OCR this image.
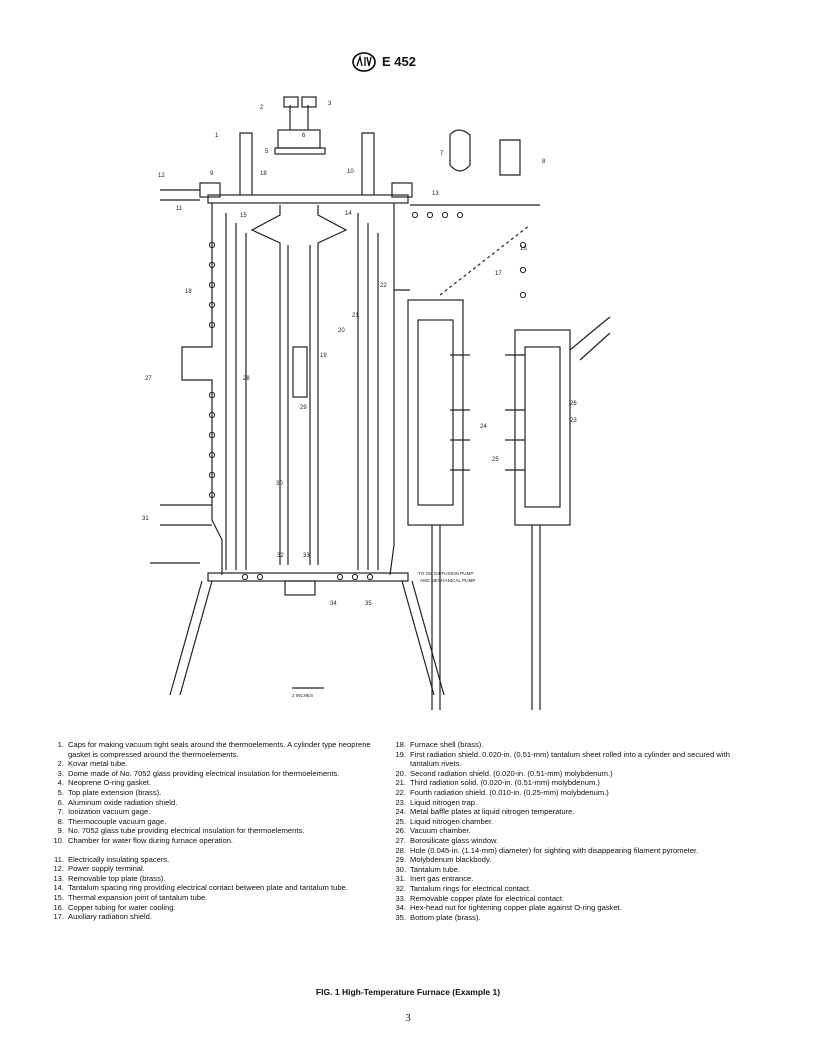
E 452
2
3
1	6
5	7
8
9	10
18
12
11
13
14
15
16
17
18
19
20
21
22
23
24
25
26
27	28
29
30
31
32	33
34	35
TO OIL DIFFUSION PUMP
AND MECHANICAL PUMP
2 INCHES
1. Caps for making vacuum tight seals around the thermoelements. A cylinder type neoprene gasket is compressed around the thermoelements.
2. Kovar metal tube.
3. Dome made of No. 7052 glass providing electrical insulation for thermoelements.
4. Neoprene O-ring gasket.
5. Top plate extension (brass).
6. Aluminum oxide radiation shield.
7. Ionization vacuum gage.
8. Thermocouple vacuum gage.
9. No. 7052 glass tube providing electrical insulation for thermoelements.
10. Chamber for water flow during furnace operation.
11. Electrically insulating spacers.
12. Power supply terminal.
13. Removable top plate (brass).
14. Tantalum spacing ring providing electrical contact between plate and tantalum tube.
15. Thermal expansion joint of tantalum tube.
16. Copper tubing for water cooling.
17. Auxiliary radiation shield.
18. Furnace shell (brass).
19. First radiation shield. 0.020-in. (0.51-mm) tantalum sheet rolled into a cylinder and secured with tantalum rivets.
20. Second radiation shield. (0.020-in. (0.51-mm) molybdenum.)
21. Third radiation solid. (0.020-in. (0.51-mm) molybdenum.)
22. Fourth radiation shield. (0.010-in. (0.25-mm) molybdenum.)
23. Liquid nitrogen trap.
24. Metal baffle plates at liquid nitrogen temperature.
25. Liquid nitrogen chamber.
26. Vacuum chamber.
27. Borosilicate glass window.
28. Hole (0.045-in. (1.14-mm) diameter) for sighting with disappearing filament pyrometer.
29. Molybdenum blackbody.
30. Tantalum tube.
31. Inert gas entrance.
32. Tantalum rings for electrical contact.
33. Removable copper plate for electrical contact.
34. Hex-head nut for tightening copper plate against O-ring gasket.
35. Bottom plate (brass).
FIG. 1 High-Temperature Furnace (Example 1)
3
